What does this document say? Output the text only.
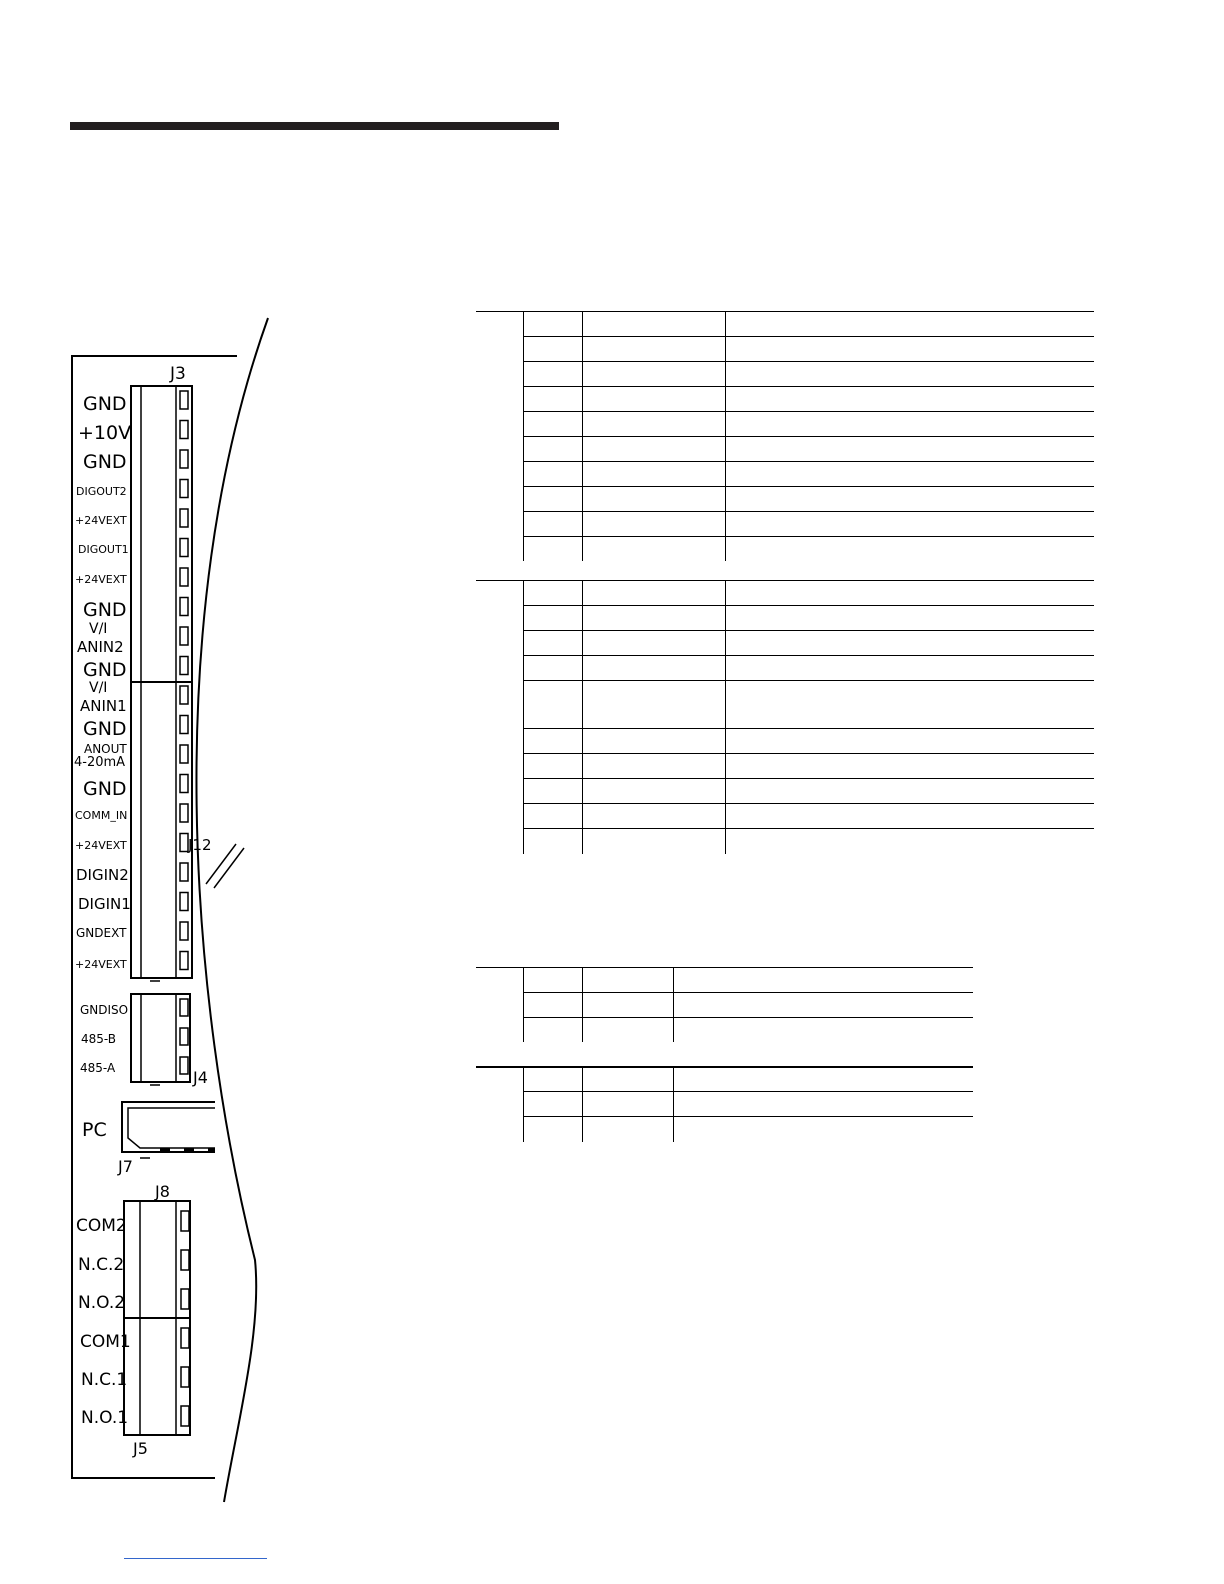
J3
J12
J4
J7
J8
J5
GND
+10V
GND
DIGOUT2
+24VEXT
DIGOUT1
+24VEXT
GND
V/I
ANIN2
GND
V/I
ANIN1
GND
ANOUT
4-20mA
GND
COMM_IN
+24VEXT
DIGIN2
DIGIN1
GNDEXT
+24VEXT
GNDISO
485-B
485-A
PC
COM2
N.C.2
N.O.2
COM1
N.C.1
N.O.1
